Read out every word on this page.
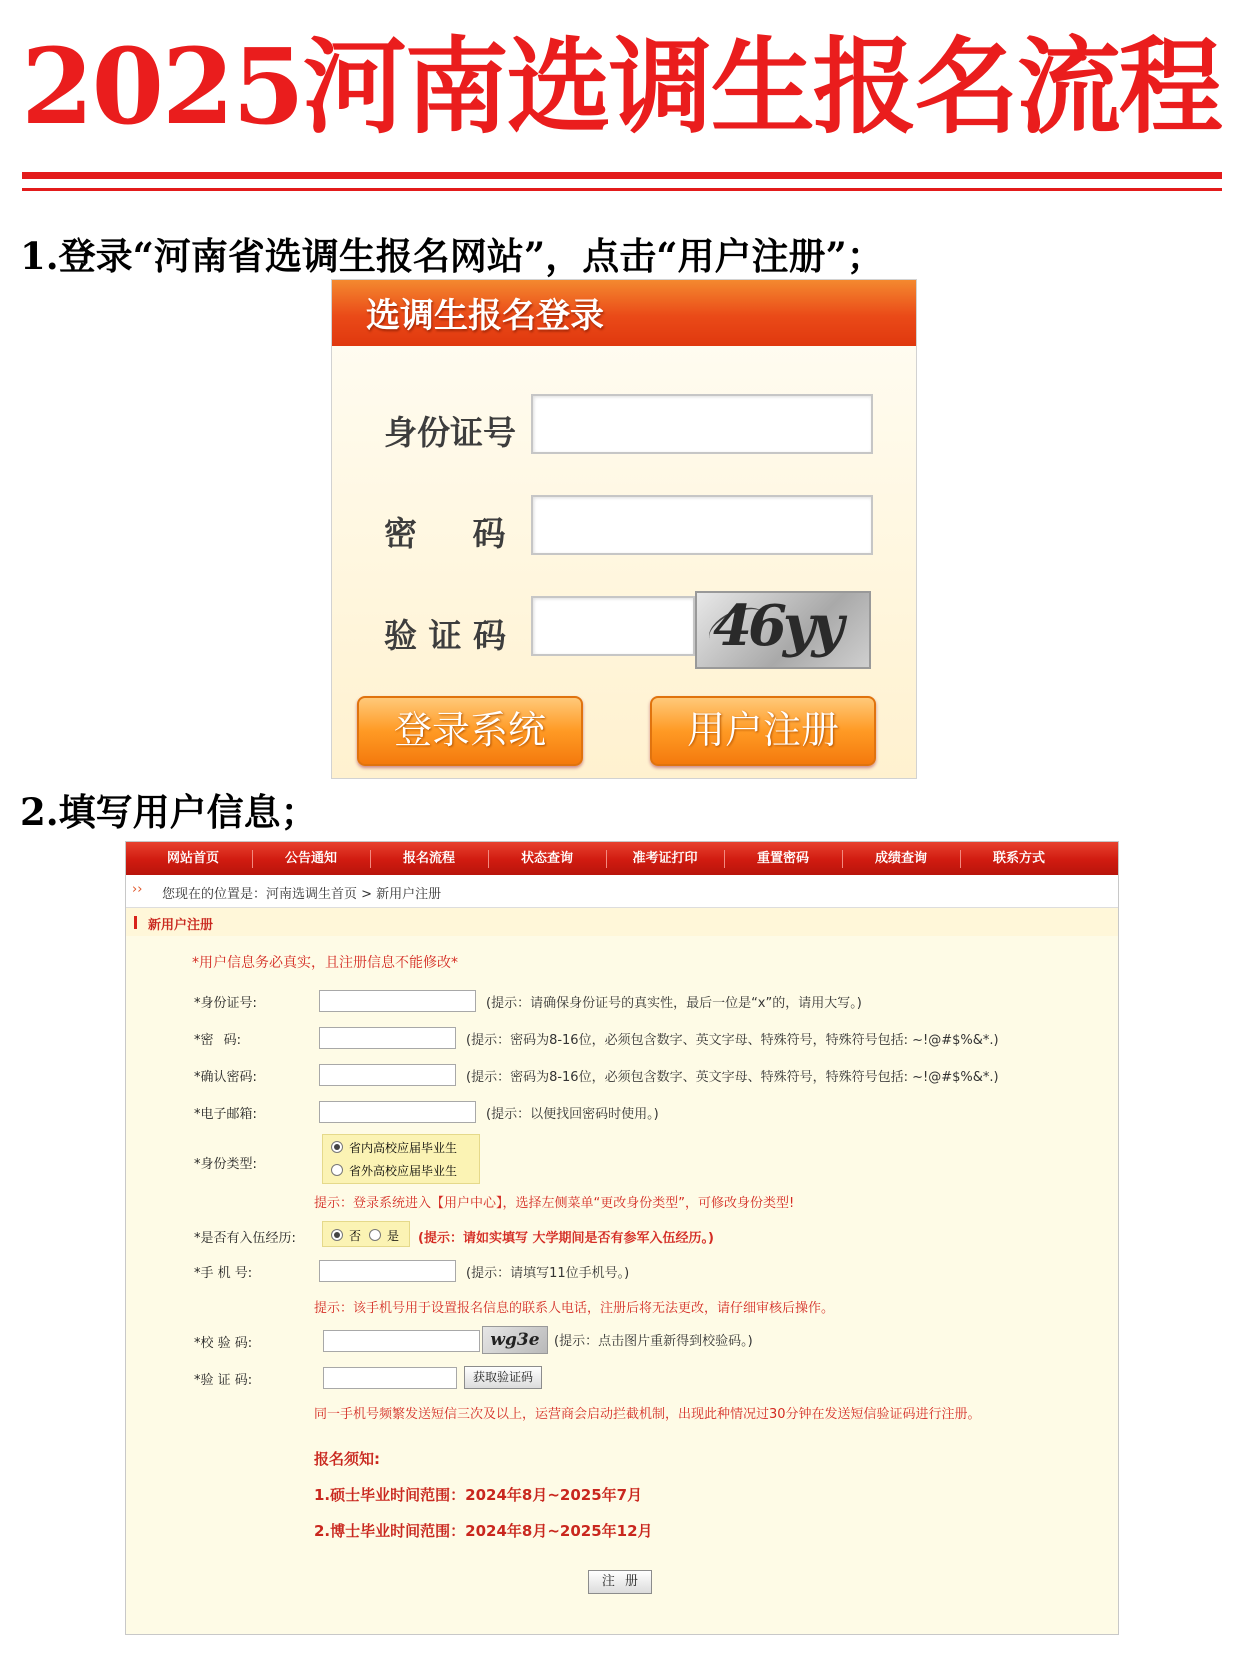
2025河南选调生报名流程
1.登录“河南省选调生报名网站”，点击“用户注册”；
选调生报名登录
身份证号
密 码
验 证 码	46yy
登录系统	用户注册
2.填写用户信息；
网站首页	公告通知	报名流程	状态查询	准考证打印	重置密码	成绩查询	联系方式
›› 您现在的位置是：河南选调生首页 > 新用户注册
新用户注册
*用户信息务必真实，且注册信息不能修改*
*身份证号:	(提示：请确保身份证号的真实性，最后一位是“x”的，请用大写。)
*密 码:	(提示：密码为8-16位，必须包含数字、英文字母、特殊符号，特殊符号包括: ~!@#$%&*.)
*确认密码:	(提示：密码为8-16位，必须包含数字、英文字母、特殊符号，特殊符号包括: ~!@#$%&*.)
*电子邮箱:	(提示：以便找回密码时使用。)
*身份类型:
省内高校应届毕业生
省外高校应届毕业生
提示：登录系统进入【用户中心】，选择左侧菜单“更改身份类型”，可修改身份类型!
*是否有入伍经历:	否	是 (提示：请如实填写 大学期间是否有参军入伍经历。)
*手 机 号:	(提示：请填写11位手机号。)
提示：该手机号用于设置报名信息的联系人电话，注册后将无法更改，请仔细审核后操作。
*校 验 码:	wg3e	(提示：点击图片重新得到校验码。)
*验 证 码:	获取验证码
同一手机号频繁发送短信三次及以上，运营商会启动拦截机制，出现此种情况过30分钟在发送短信验证码进行注册。
报名须知:
1.硕士毕业时间范围：2024年8月~2025年7月
2.博士毕业时间范围：2024年8月~2025年12月
注 册
